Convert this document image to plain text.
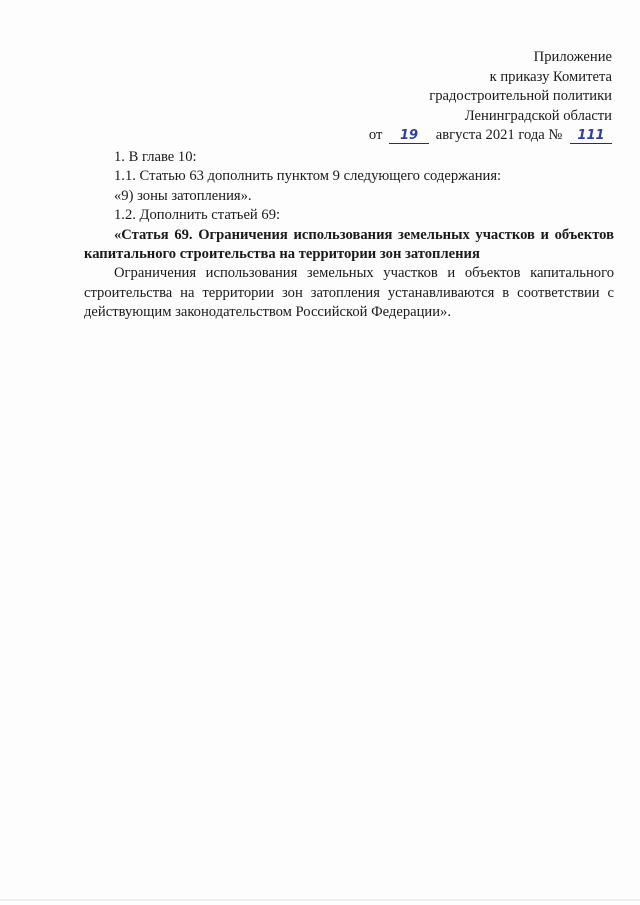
Приложение
к приказу Комитета
градостроительной политики
Ленинградской области
от 19 августа 2021 года № 111

1. В главе 10:

1.1. Статью 63 дополнить пунктом 9 следующего содержания:

«9) зоны затопления».

1.2. Дополнить статьей 69:

«Статья 69. Ограничения использования земельных участков и объектов капитального строительства на территории зон затопления

Ограничения использования земельных участков и объектов капитального строительства на территории зон затопления устанавливаются в соответствии с действующим законодательством Российской Федерации».
